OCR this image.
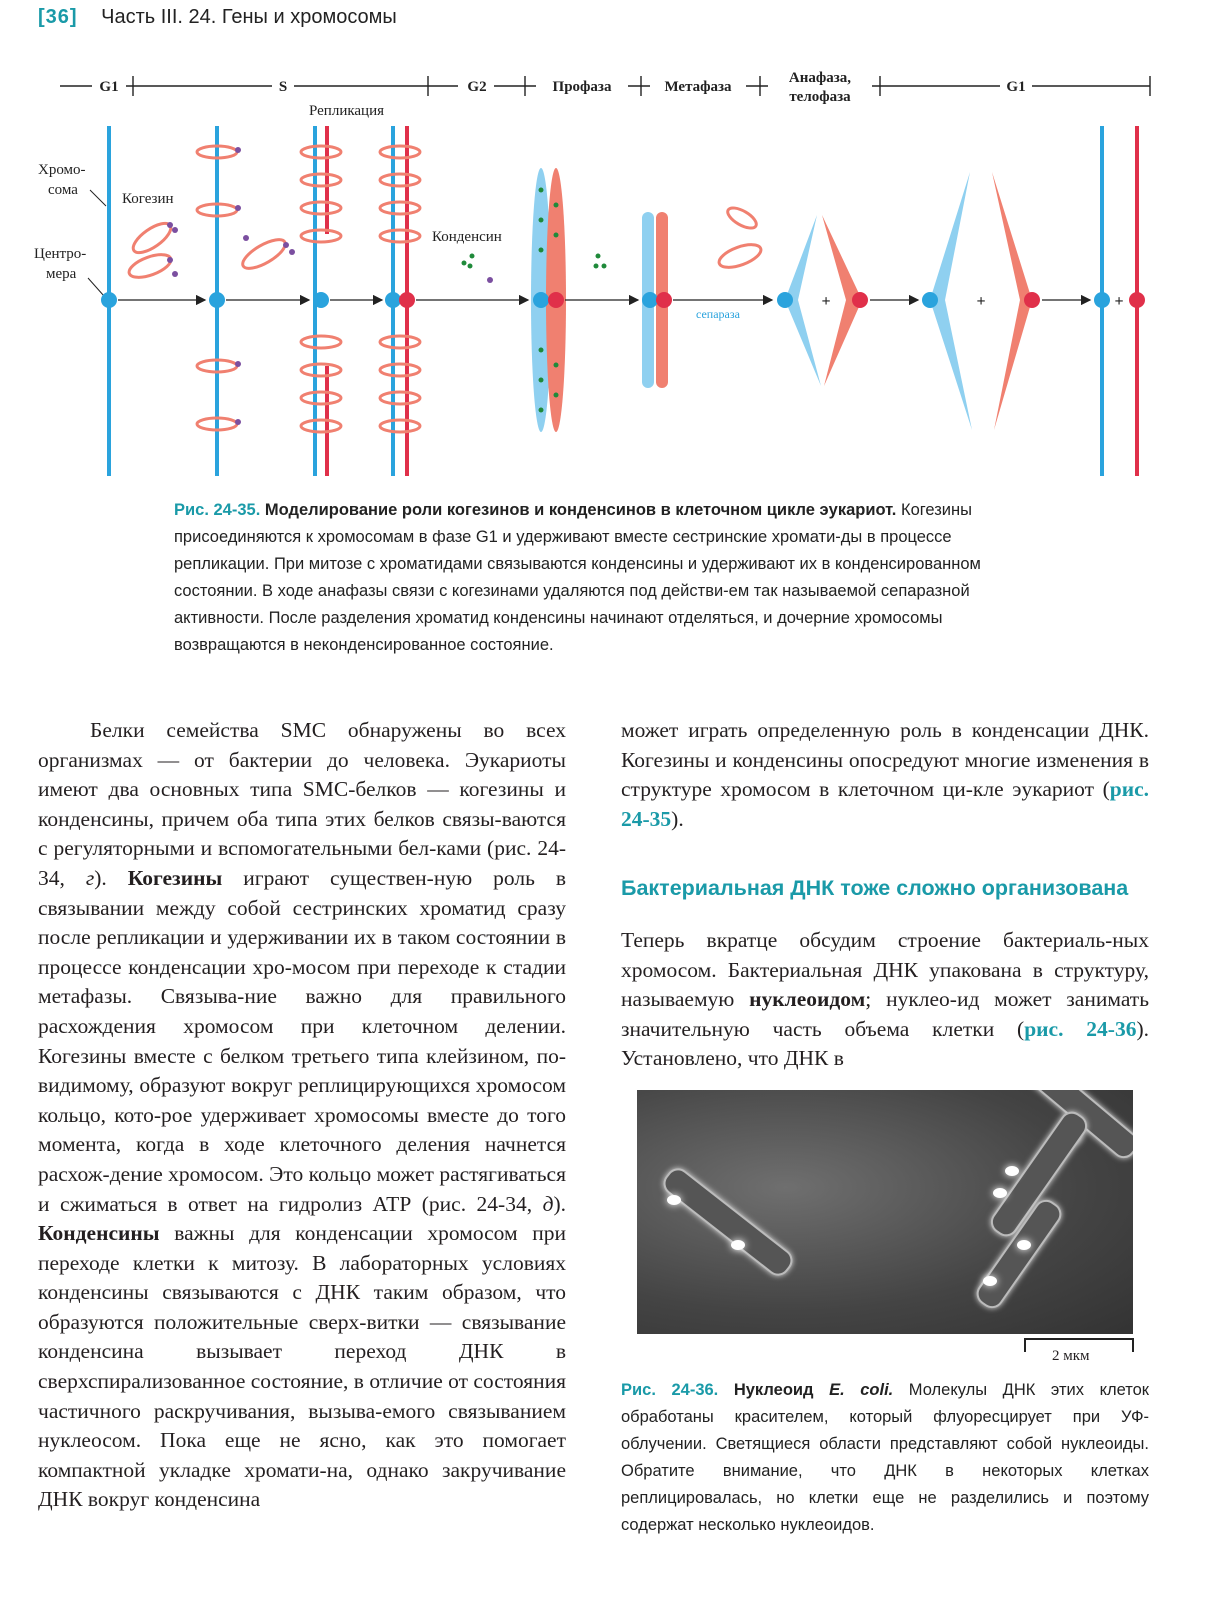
[36] Часть III. 24. Гены и хромосомы
G1	S	G2	Профаза	Метафаза
Анафаза,
телофаза
G1
Хромо-
сома
Когезин
Центро-
мера
Репликация
Конденсин
сепараза
+	+	+
Рис. 24-35. Моделирование роли когезинов и конденсинов в клеточном цикле эукариот. Когезины присоединяются к хромосомам в фазе G1 и удерживают вместе сестринские хромати-ды в процессе репликации. При митозе с хроматидами связываются конденсины и удерживают их в конденсированном состоянии. В ходе анафазы связи с когезинами удаляются под действи-ем так называемой сепаразной активности. После разделения хроматид конденсины начинают отделяться, и дочерние хромосомы возвращаются в неконденсированное состояние.
Белки семейства SMC обнаружены во всех организмах — от бактерии до человека. Эукариоты имеют два основных типа SMC-белков — когезины и конденсины, причем оба типа этих белков связы-ваются с регуляторными и вспомогательными бел-ками (рис. 24-34, г). Когезины играют существен-ную роль в связывании между собой сестринских хроматид сразу после репликации и удерживании их в таком состоянии в процессе конденсации хро-мосом при переходе к стадии метафазы. Связыва-ние важно для правильного расхождения хромосом при клеточном делении. Когезины вместе с белком третьего типа клейзином, по-видимому, образуют вокруг реплицирующихся хромосом кольцо, кото-рое удерживает хромосомы вместе до того момента, когда в ходе клеточного деления начнется расхож-дение хромосом. Это кольцо может растягиваться и сжиматься в ответ на гидролиз АТР (рис. 24-34, д). Конденсины важны для конденсации хромосом при переходе клетки к митозу. В лабораторных условиях конденсины связываются с ДНК таким образом, что образуются положительные сверх-витки — связывание конденсина вызывает переход ДНК в сверхспирализованное состояние, в отличие от состояния частичного раскручивания, вызыва-емого связыванием нуклеосом. Пока еще не ясно, как это помогает компактной укладке хромати-на, однако закручивание ДНК вокруг конденсина
может играть определенную роль в конденсации ДНК. Когезины и конденсины опосредуют многие изменения в структуре хромосом в клеточном ци-кле эукариот (рис. 24-35).
Бактериальная ДНК тоже сложно организована
Теперь вкратце обсудим строение бактериаль-ных хромосом. Бактериальная ДНК упакована в структуру, называемую нуклеоидом; нуклео-ид может занимать значительную часть объема клетки (рис. 24-36). Установлено, что ДНК в
2 мкм
Рис. 24-36. Нуклеоид E. coli. Молекулы ДНК этих клеток обработаны красителем, который флуоресцирует при УФ-облучении. Светящиеся области представляют собой нуклеоиды. Обратите внимание, что ДНК в некоторых клетках реплицировалась, но клетки еще не разделились и поэтому содержат несколько нуклеоидов.
